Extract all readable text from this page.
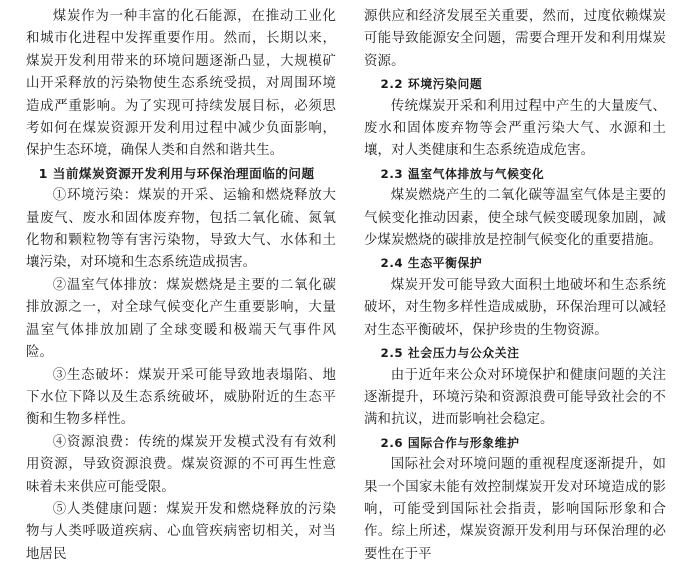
煤炭作为一种丰富的化石能源，在推动工业化和城市化进程中发挥重要作用。然而，长期以来，煤炭开发利用带来的环境问题逐渐凸显，大规模矿山开采释放的污染物使生态系统受损，对周围环境造成严重影响。为了实现可持续发展目标，必须思考如何在煤炭资源开发利用过程中减少负面影响，保护生态环境，确保人类和自然和谐共生。

1 当前煤炭资源开发利用与环保治理面临的问题

①环境污染：煤炭的开采、运输和燃烧释放大量废气、废水和固体废弃物，包括二氧化硫、氮氧化物和颗粒物等有害污染物，导致大气、水体和土壤污染，对环境和生态系统造成损害。

②温室气体排放：煤炭燃烧是主要的二氧化碳排放源之一，对全球气候变化产生重要影响，大量温室气体排放加剧了全球变暖和极端天气事件风险。

③生态破坏：煤炭开采可能导致地表塌陷、地下水位下降以及生态系统破坏，威胁附近的生态平衡和生物多样性。

④资源浪费：传统的煤炭开发模式没有有效利用资源，导致资源浪费。煤炭资源的不可再生性意味着未来供应可能受限。

⑤人类健康问题：煤炭开发和燃烧释放的污染物与人类呼吸道疾病、心血管疾病密切相关，对当地居民

源供应和经济发展至关重要，然而，过度依赖煤炭可能导致能源安全问题，需要合理开发和利用煤炭资源。

2.2 环境污染问题

传统煤炭开采和利用过程中产生的大量废气、废水和固体废弃物等会严重污染大气、水源和土壤，对人类健康和生态系统造成危害。

2.3 温室气体排放与气候变化

煤炭燃烧产生的二氧化碳等温室气体是主要的气候变化推动因素，使全球气候变暖现象加剧，减少煤炭燃烧的碳排放是控制气候变化的重要措施。

2.4 生态平衡保护

煤炭开发可能导致大面积土地破坏和生态系统破坏，对生物多样性造成威胁，环保治理可以减轻对生态平衡破坏，保护珍贵的生物资源。

2.5 社会压力与公众关注

由于近年来公众对环境保护和健康问题的关注逐渐提升，环境污染和资源浪费可能导致社会的不满和抗议，进而影响社会稳定。

2.6 国际合作与形象维护

国际社会对环境问题的重视程度逐渐提升，如果一个国家未能有效控制煤炭开发对环境造成的影响，可能受到国际社会指责，影响国际形象和合作。综上所述，煤炭资源开发利用与环保治理的必要性在于平
